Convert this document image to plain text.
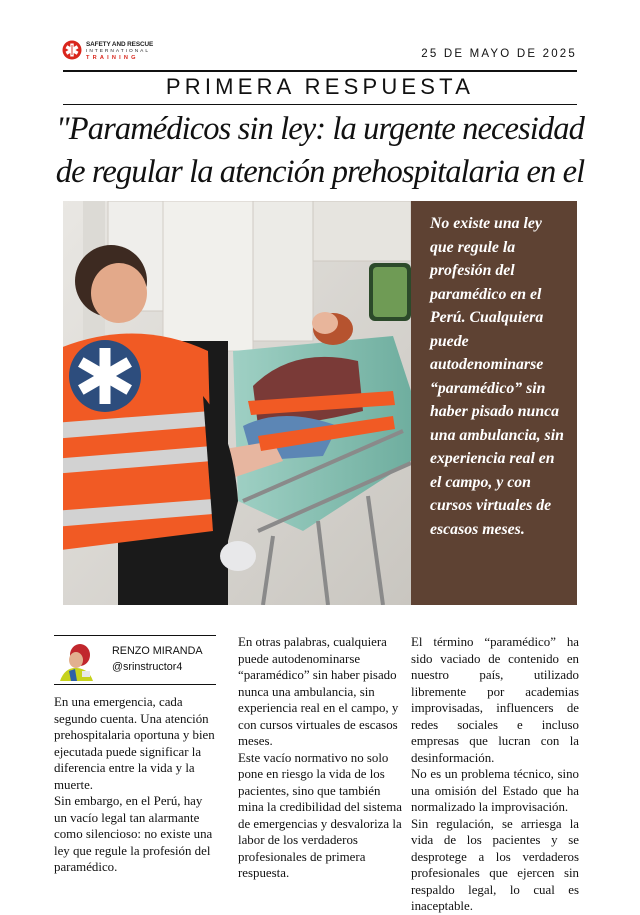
SAFETY AND RESCUE
INTERNATIONAL
TRAINING	25 DE MAYO DE 2025
PRIMERA RESPUESTA
"Paramédicos sin ley: la urgente necesidad de regular la atención prehospitalaria en el
No existe una ley que regule la profesión del paramédico en el Perú. Cualquiera puede autodenominarse “paramédico” sin haber pisado nunca una ambulancia, sin experiencia real en el campo, y con cursos virtuales de escasos meses.
RENZO MIRANDA
@srinstructor4

En una emergencia, cada segundo cuenta. Una atención prehospitalaria oportuna y bien ejecutada puede significar la diferencia entre la vida y la muerte.

Sin embargo, en el Perú, hay un vacío legal tan alarmante como silencioso: no existe una ley que regule la profesión del paramédico.

En otras palabras, cualquiera puede autodenominarse “paramédico” sin haber pisado nunca una ambulancia, sin experiencia real en el campo, y con cursos virtuales de escasos meses.

Este vacío normativo no solo pone en riesgo la vida de los pacientes, sino que también mina la credibilidad del sistema de emergencias y desvaloriza la labor de los verdaderos profesionales de primera respuesta.

El término “paramédico” ha sido vaciado de contenido en nuestro país, utilizado libremente por academias improvisadas, influencers de redes sociales e incluso empresas que lucran con la desinformación.

No es un problema técnico, sino una omisión del Estado que ha normalizado la improvisación.

Sin regulación, se arriesga la vida de los pacientes y se desprotege a los verdaderos profesionales que ejercen sin respaldo legal, lo cual es inaceptable.
